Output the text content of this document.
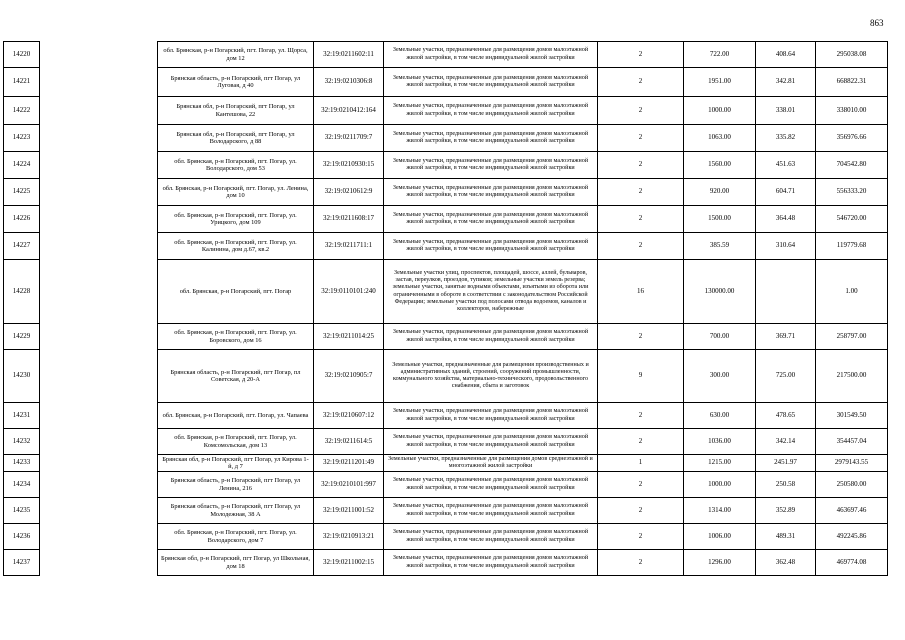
863
14220		обл. Брянская, р-н Погарский, пгт. Погар, ул. Щорса, дом 12	32:19:0211602:11	Земельные участки, предназначенные для размещения домов малоэтажной жилой застройки, в том числе индивидуальной жилой застройки	2	722.00	408.64	295038.08
14221		Брянская область, р-н Погарский, пгт Погар, ул Луговая, д 40	32:19:0210306:8	Земельные участки, предназначенные для размещения домов малоэтажной жилой застройки, в том числе индивидуальной жилой застройки	2	1951.00	342.81	668822.31
14222		Брянская обл, р-н Погарский, пгт Погар, ул Кантешова, 22	32:19:0210412:164	Земельные участки, предназначенные для размещения домов малоэтажной жилой застройки, в том числе индивидуальной жилой застройки	2	1000.00	338.01	338010.00
14223		Брянская обл, р-н Погарский, пгт Погар, ул Володарского, д 88	32:19:0211709:7	Земельные участки, предназначенные для размещения домов малоэтажной жилой застройки, в том числе индивидуальной жилой застройки	2	1063.00	335.82	356976.66
14224		обл. Брянская, р-н Погарский, пгт. Погар, ул. Володарского, дом 53	32:19:0210930:15	Земельные участки, предназначенные для размещения домов малоэтажной жилой застройки, в том числе индивидуальной жилой застройки	2	1560.00	451.63	704542.80
14225		обл. Брянская, р-н Погарский, пгт. Погар, ул. Ленина, дом 10	32:19:0210612:9	Земельные участки, предназначенные для размещения домов малоэтажной жилой застройки, в том числе индивидуальной жилой застройки	2	920.00	604.71	556333.20
14226		обл. Брянская, р-н Погарский, пгт. Погар, ул. Урицкого, дом 109	32:19:0211608:17	Земельные участки, предназначенные для размещения домов малоэтажной жилой застройки, в том числе индивидуальной жилой застройки	2	1500.00	364.48	546720.00
14227		обл. Брянская, р-н Погарский, пгт. Погар, ул. Калинина, дом д.67, кв.2	32:19:0211711:1	Земельные участки, предназначенные для размещения домов малоэтажной жилой застройки, в том числе индивидуальной жилой застройки	2	385.59	310.64	119779.68
14228		обл. Брянская, р-н Погарский, пгт. Погар	32:19:0110101:240	Земельные участки улиц, проспектов, площадей, шоссе, аллей, бульваров, застав, переулков, проездов, тупиков; земельные участки земель резерва; земельные участки, занятые водными объектами, изъятыми из оборота или ограниченными в обороте в соответствии с законодательством Российской Федерации; земельные участки под полосами отвода водоемов, каналов и коллекторов, набережные	16	130000.00		1.00
14229		обл. Брянская, р-н Погарский, пгт. Погар, ул. Боровского, дом 16	32:19:0211014:25	Земельные участки, предназначенные для размещения домов малоэтажной жилой застройки, в том числе индивидуальной жилой застройки	2	700.00	369.71	258797.00
14230		Брянская область, р-н Погарский, пгт Погар, пл Советская, д 20-А	32:19:0210905:7	Земельные участки, предназначенные для размещения производственных и административных зданий, строений, сооружений промышленности, коммунального хозяйства, материально-технического, продовольственного снабжения, сбыта и заготовок	9	300.00	725.00	217500.00
14231		обл. Брянская, р-н Погарский, пгт. Погар, ул. Чапаева	32:19:0210607:12	Земельные участки, предназначенные для размещения домов малоэтажной жилой застройки, в том числе индивидуальной жилой застройки	2	630.00	478.65	301549.50
14232		обл. Брянская, р-н Погарский, пгт. Погар, ул. Комсомольская, дом 13	32:19:0211614:5	Земельные участки, предназначенные для размещения домов малоэтажной жилой застройки, в том числе индивидуальной жилой застройки	2	1036.00	342.14	354457.04
14233		Брянская обл, р-н Погарский, пгт Погар, ул Кирова 1-й, д 7	32:19:0211201:49	Земельные участки, предназначенные для размещения домов среднеэтажной и многоэтажной жилой застройки	1	1215.00	2451.97	2979143.55
14234		Брянская область, р-н Погарский, пгт Погар, ул Ленина, 216	32:19:0210101:997	Земельные участки, предназначенные для размещения домов малоэтажной жилой застройки, в том числе индивидуальной жилой застройки	2	1000.00	250.58	250580.00
14235		Брянская область, р-н Погарский, пгт Погар, ул Молодежная, 38 А	32:19:0211001:52	Земельные участки, предназначенные для размещения домов малоэтажной жилой застройки, в том числе индивидуальной жилой застройки	2	1314.00	352.89	463697.46
14236		обл. Брянская, р-н Погарский, пгт. Погар, ул. Володарского, дом 7	32:19:0210913:21	Земельные участки, предназначенные для размещения домов малоэтажной жилой застройки, в том числе индивидуальной жилой застройки	2	1006.00	489.31	492245.86
14237		Брянская обл, р-н Погарский, пгт Погар, ул Школьная, дом 18	32:19:0211002:15	Земельные участки, предназначенные для размещения домов малоэтажной жилой застройки, в том числе индивидуальной жилой застройки	2	1296.00	362.48	469774.08
